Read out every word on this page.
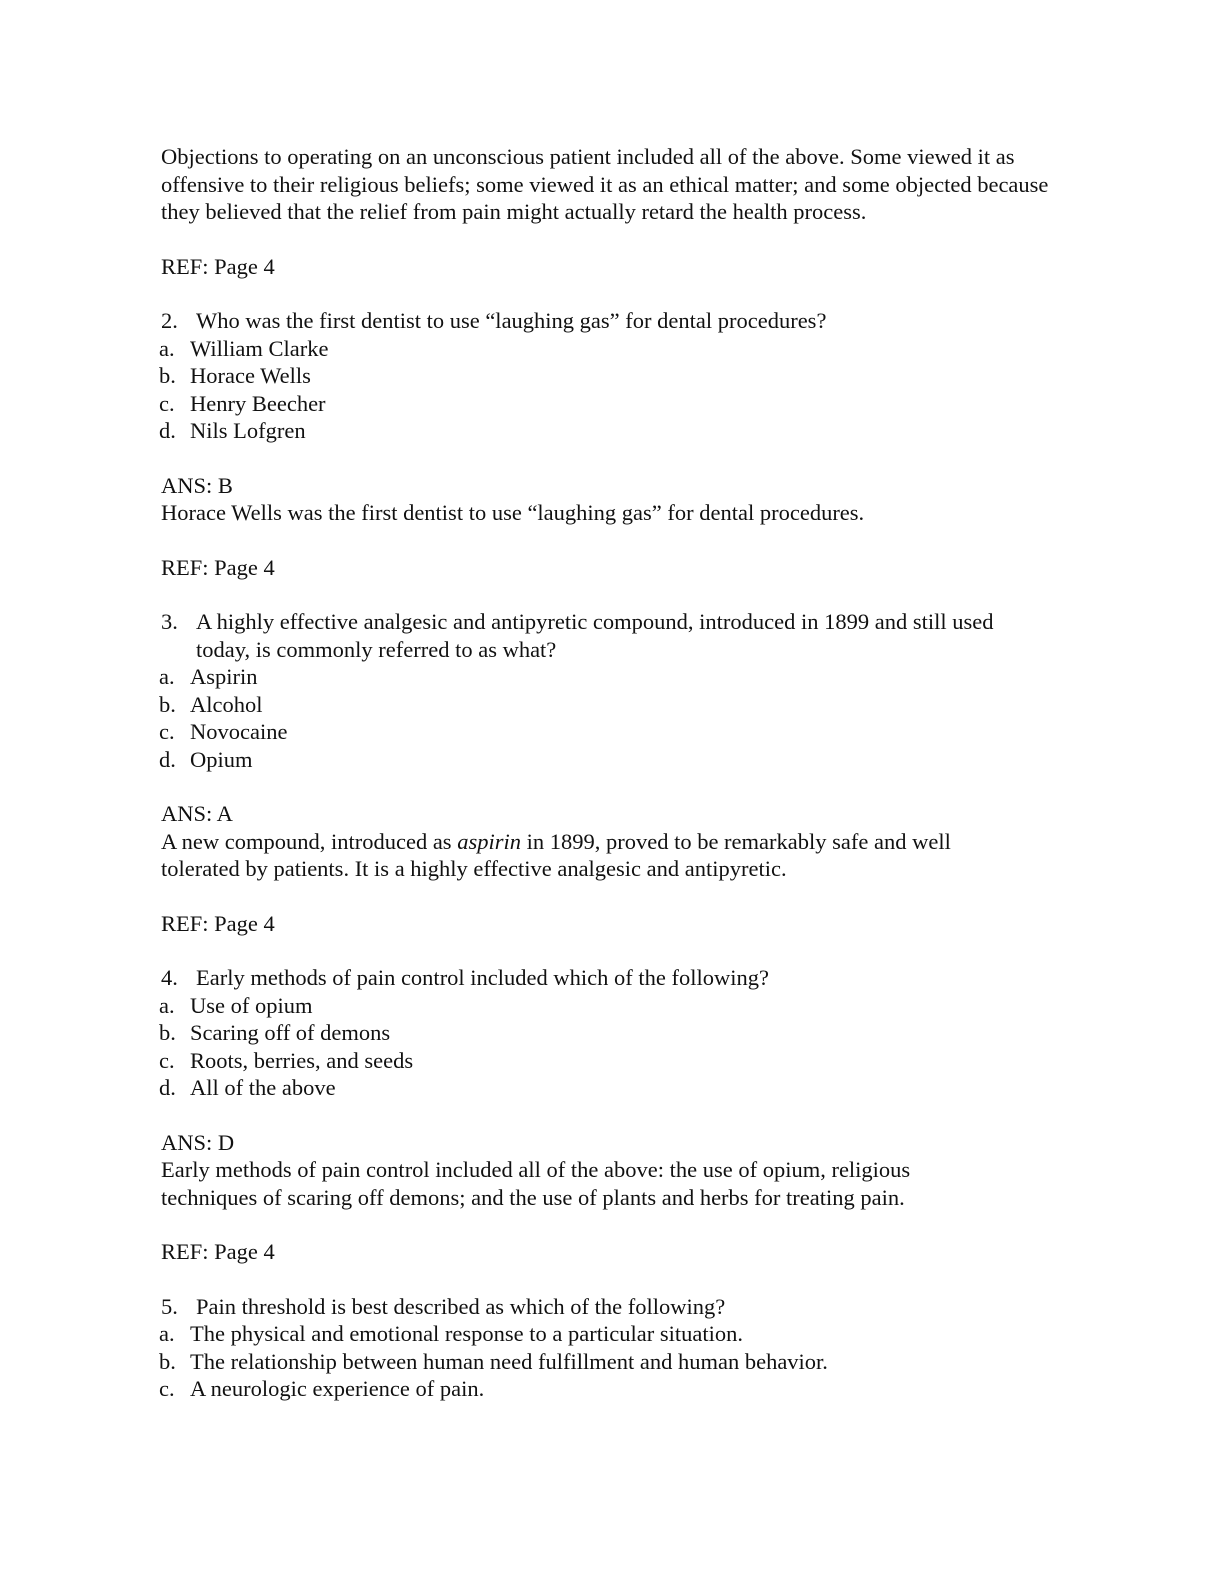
Objections to operating on an unconscious patient included all of the above. Some viewed it as offensive to their religious beliefs; some viewed it as an ethical matter; and some objected because they believed that the relief from pain might actually retard the health process.

REF: Page 4
2. Who was the first dentist to use “laughing gas” for dental procedures?
a. William Clarke
b. Horace Wells
c. Henry Beecher
d. Nils Lofgren
ANS: B

Horace Wells was the first dentist to use “laughing gas” for dental procedures.

REF: Page 4
3. A highly effective analgesic and antipyretic compound, introduced in 1899 and still used today, is commonly referred to as what?
a. Aspirin
b. Alcohol
c. Novocaine
d. Opium
ANS: A

A new compound, introduced as aspirin in 1899, proved to be remarkably safe and well tolerated by patients. It is a highly effective analgesic and antipyretic.

REF: Page 4
4. Early methods of pain control included which of the following?
a. Use of opium
b. Scaring off of demons
c. Roots, berries, and seeds
d. All of the above
ANS: D

Early methods of pain control included all of the above: the use of opium, religious techniques of scaring off demons; and the use of plants and herbs for treating pain.

REF: Page 4
5. Pain threshold is best described as which of the following?
a. The physical and emotional response to a particular situation.
b. The relationship between human need fulfillment and human behavior.
c. A neurologic experience of pain.
